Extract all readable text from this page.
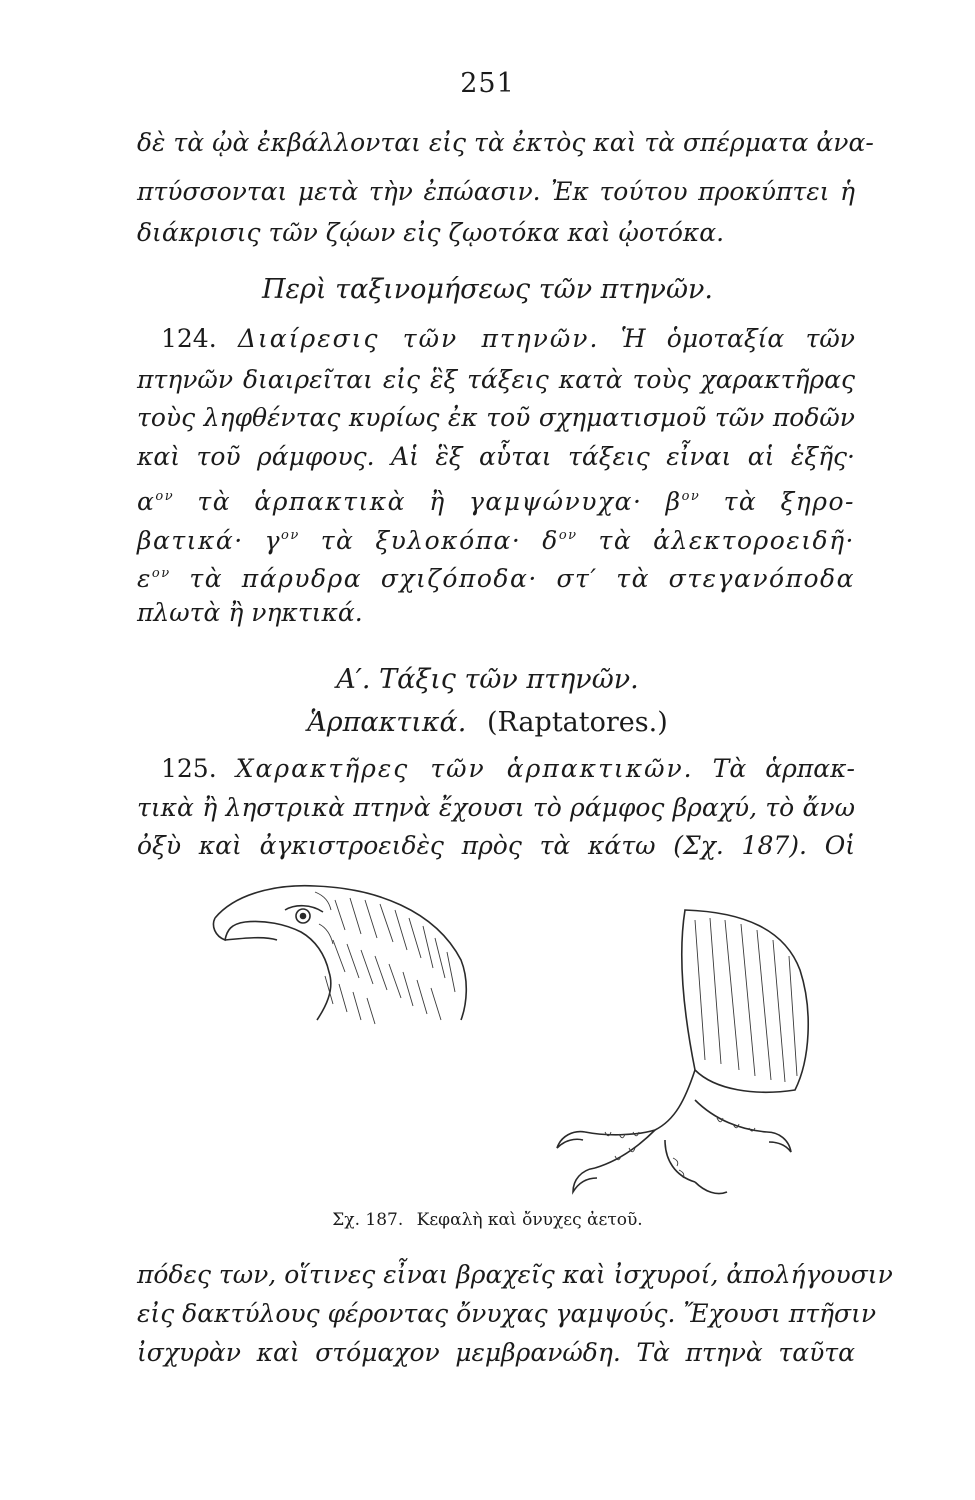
251
δὲ τὰ ᾠὰ ἐκβάλλονται εἰς τὰ ἐκτὸς καὶ τὰ σπέρματα ἀνα-
πτύσσονται μετὰ τὴν ἐπώασιν. Ἐκ τούτου προκύπτει ἡ
διάκρισις τῶν ζῴων εἰς ζῳοτόκα καὶ ᾠοτόκα.
Περὶ ταξινομήσεως τῶν πτηνῶν.
124. Διαίρεσις τῶν πτηνῶν. Ἡ ὁμοταξία τῶν
πτηνῶν διαιρεῖται εἰς ἓξ τάξεις κατὰ τοὺς χαρακτῆρας
τοὺς ληφθέντας κυρίως ἐκ τοῦ σχηματισμοῦ τῶν ποδῶν
καὶ τοῦ ράμφους. Αἱ ἓξ αὗται τάξεις εἶναι αἱ ἑξῆς·
$\alpha^{o\nu}$ τὰ ἁρπακτικὰ ἢ $\gamma\alpha\mu\psi ώ\nu\upsilon\chi\alpha\cdot \beta^{o\nu}$ τὰ ξηρο-
$\beta\alpha\tau\iota\kappa ά\cdot \gamma^{o\nu}$ τὰ $\xi\upsilon\lambda o\kappa ό\pi\alpha\cdot \delta^{o\nu}$ τὰ ἀλεκτοροειδῆ·
$\varepsilon^{o\nu}$ τὰ πάρυδρα σχιζόποδα· στ′ τὰ στεγανόποδα
πλωτὰ ἢ νηκτικά.
Α′. Τάξις τῶν πτηνῶν.
Ἁρπακτικά. (Raptatores.)
125. Χαρακτῆρες τῶν ἁρπακτικῶν. Τὰ ἁρπακ-
τικὰ ἢ ληστρικὰ πτηνὰ ἔχουσι τὸ ράμφος βραχύ, τὸ ἄνω
ὀξὺ καὶ ἀγκιστροειδὲς πρὸς τὰ κάτω (Σχ. 187). Οἱ
Σχ. 187. Κεφαλὴ καὶ ὄνυχες ἀετοῦ.
πόδες των, οἵτινες εἶναι βραχεῖς καὶ ἰσχυροί, ἀπολήγουσιν
εἰς δακτύλους φέροντας ὄνυχας γαμψούς. Ἔχουσι πτῆσιν
ἰσχυρὰν καὶ στόμαχον μεμβρανώδη. Τὰ πτηνὰ ταῦτα
